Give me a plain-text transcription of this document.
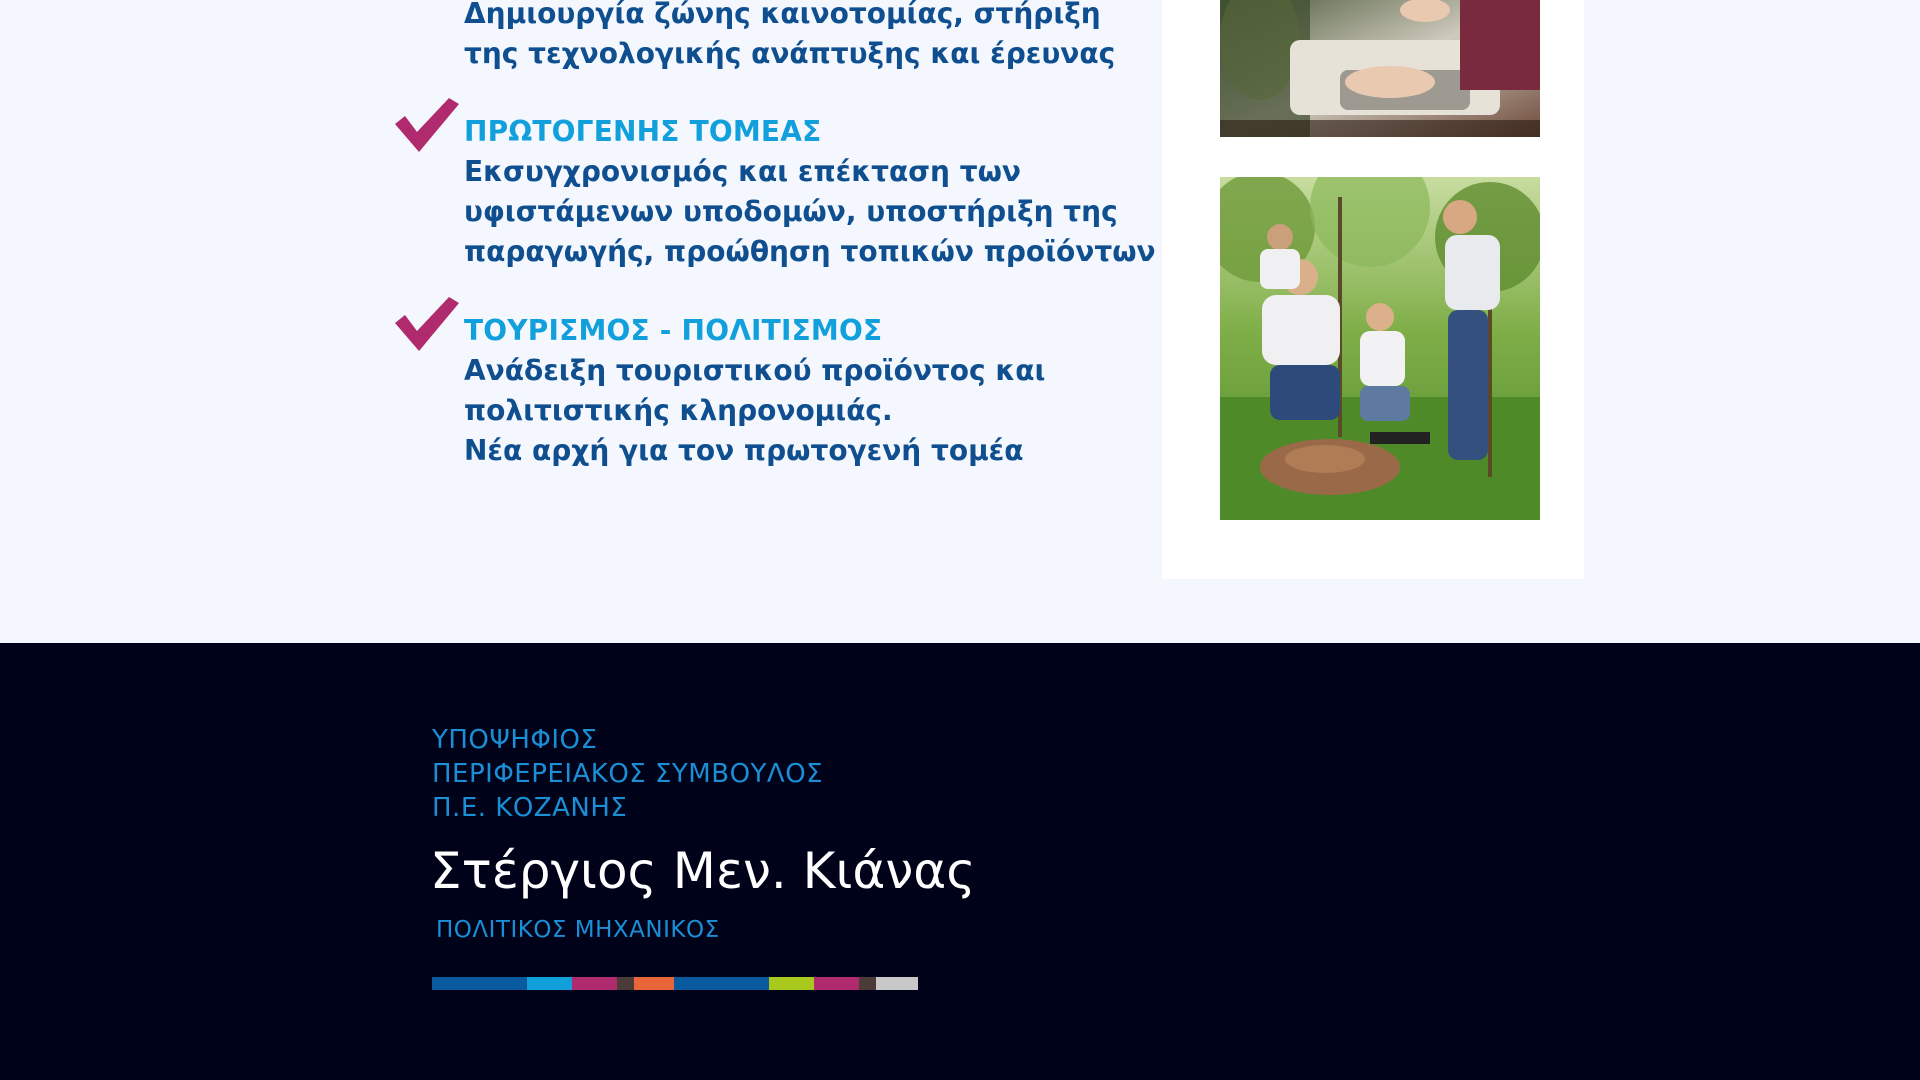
Δημιουργία ζώνης καινοτομίας, στήριξη
της τεχνολογικής ανάπτυξης και έρευνας
ΠΡΩΤΟΓΕΝΗΣ ΤΟΜΕΑΣ
Εκσυγχρονισμός και επέκταση των
υφιστάμενων υποδομών, υποστήριξη της
παραγωγής, προώθηση τοπικών προϊόντων
ΤΟΥΡΙΣΜΟΣ - ΠΟΛΙΤΙΣΜΟΣ
Ανάδειξη τουριστικού προϊόντος και
πολιτιστικής κληρονομιάς.
Νέα αρχή για τον πρωτογενή τομέα
ΥΠΟΨΗΦΙΟΣ
ΠΕΡΙΦΕΡΕΙΑΚΟΣ ΣΥΜΒΟΥΛΟΣ
Π.Ε. ΚΟΖΑΝΗΣ
Στέργιος Μεν. Κιάνας
ΠΟΛΙΤΙΚΟΣ ΜΗΧΑΝΙΚΟΣ
